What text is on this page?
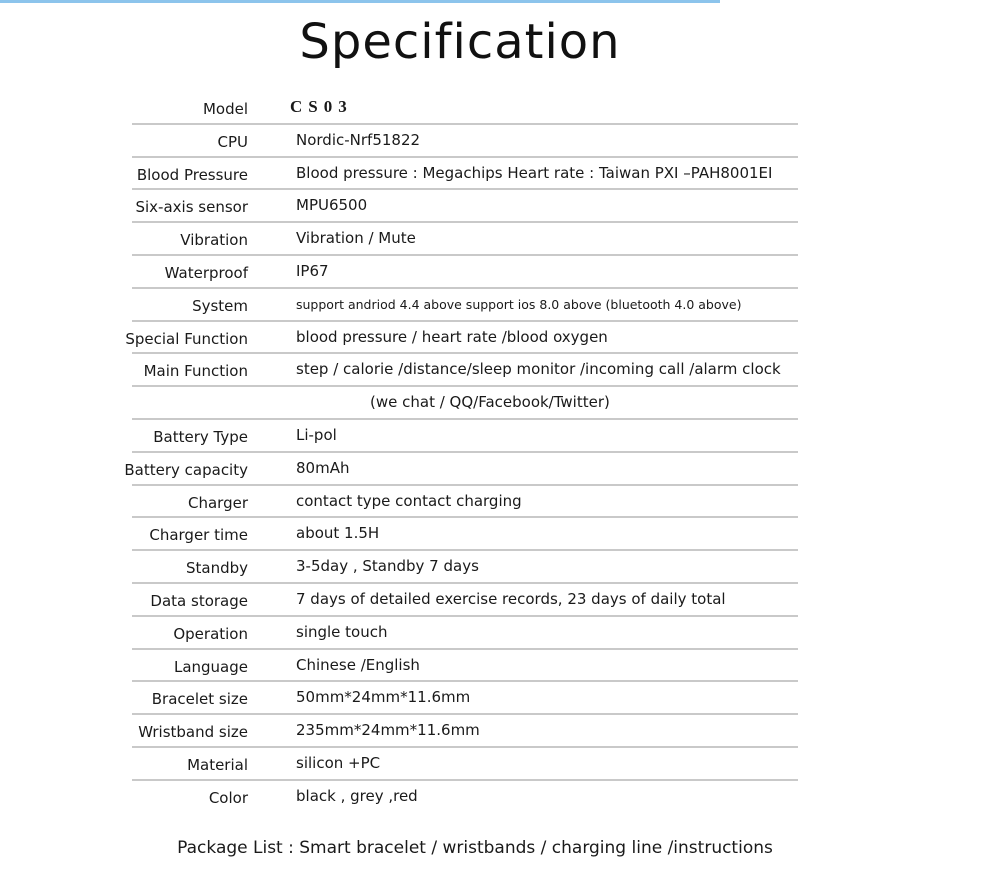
Specification
Model CS03
CPU	Nordic-Nrf51822
Blood Pressure	Blood pressure : Megachips Heart rate : Taiwan PXI –PAH8001EI
Six-axis sensor	MPU6500
Vibration	Vibration / Mute
Waterproof	IP67
System	support andriod 4.4 above support ios 8.0 above (bluetooth 4.0 above)
Special Function	blood pressure / heart rate /blood oxygen
Main Function	step / calorie /distance/sleep monitor /incoming call /alarm clock
(we chat / QQ/Facebook/Twitter)
Battery Type	Li-pol
Battery capacity	80mAh
Charger	contact type contact charging
Charger time	about 1.5H
Standby	3-5day , Standby 7 days
Data storage	7 days of detailed exercise records, 23 days of daily total
Operation	single touch
Language	Chinese /English
Bracelet size	50mm*24mm*11.6mm
Wristband size	235mm*24mm*11.6mm
Material	silicon +PC
Color	black , grey ,red
Package List : Smart bracelet / wristbands / charging line /instructions
